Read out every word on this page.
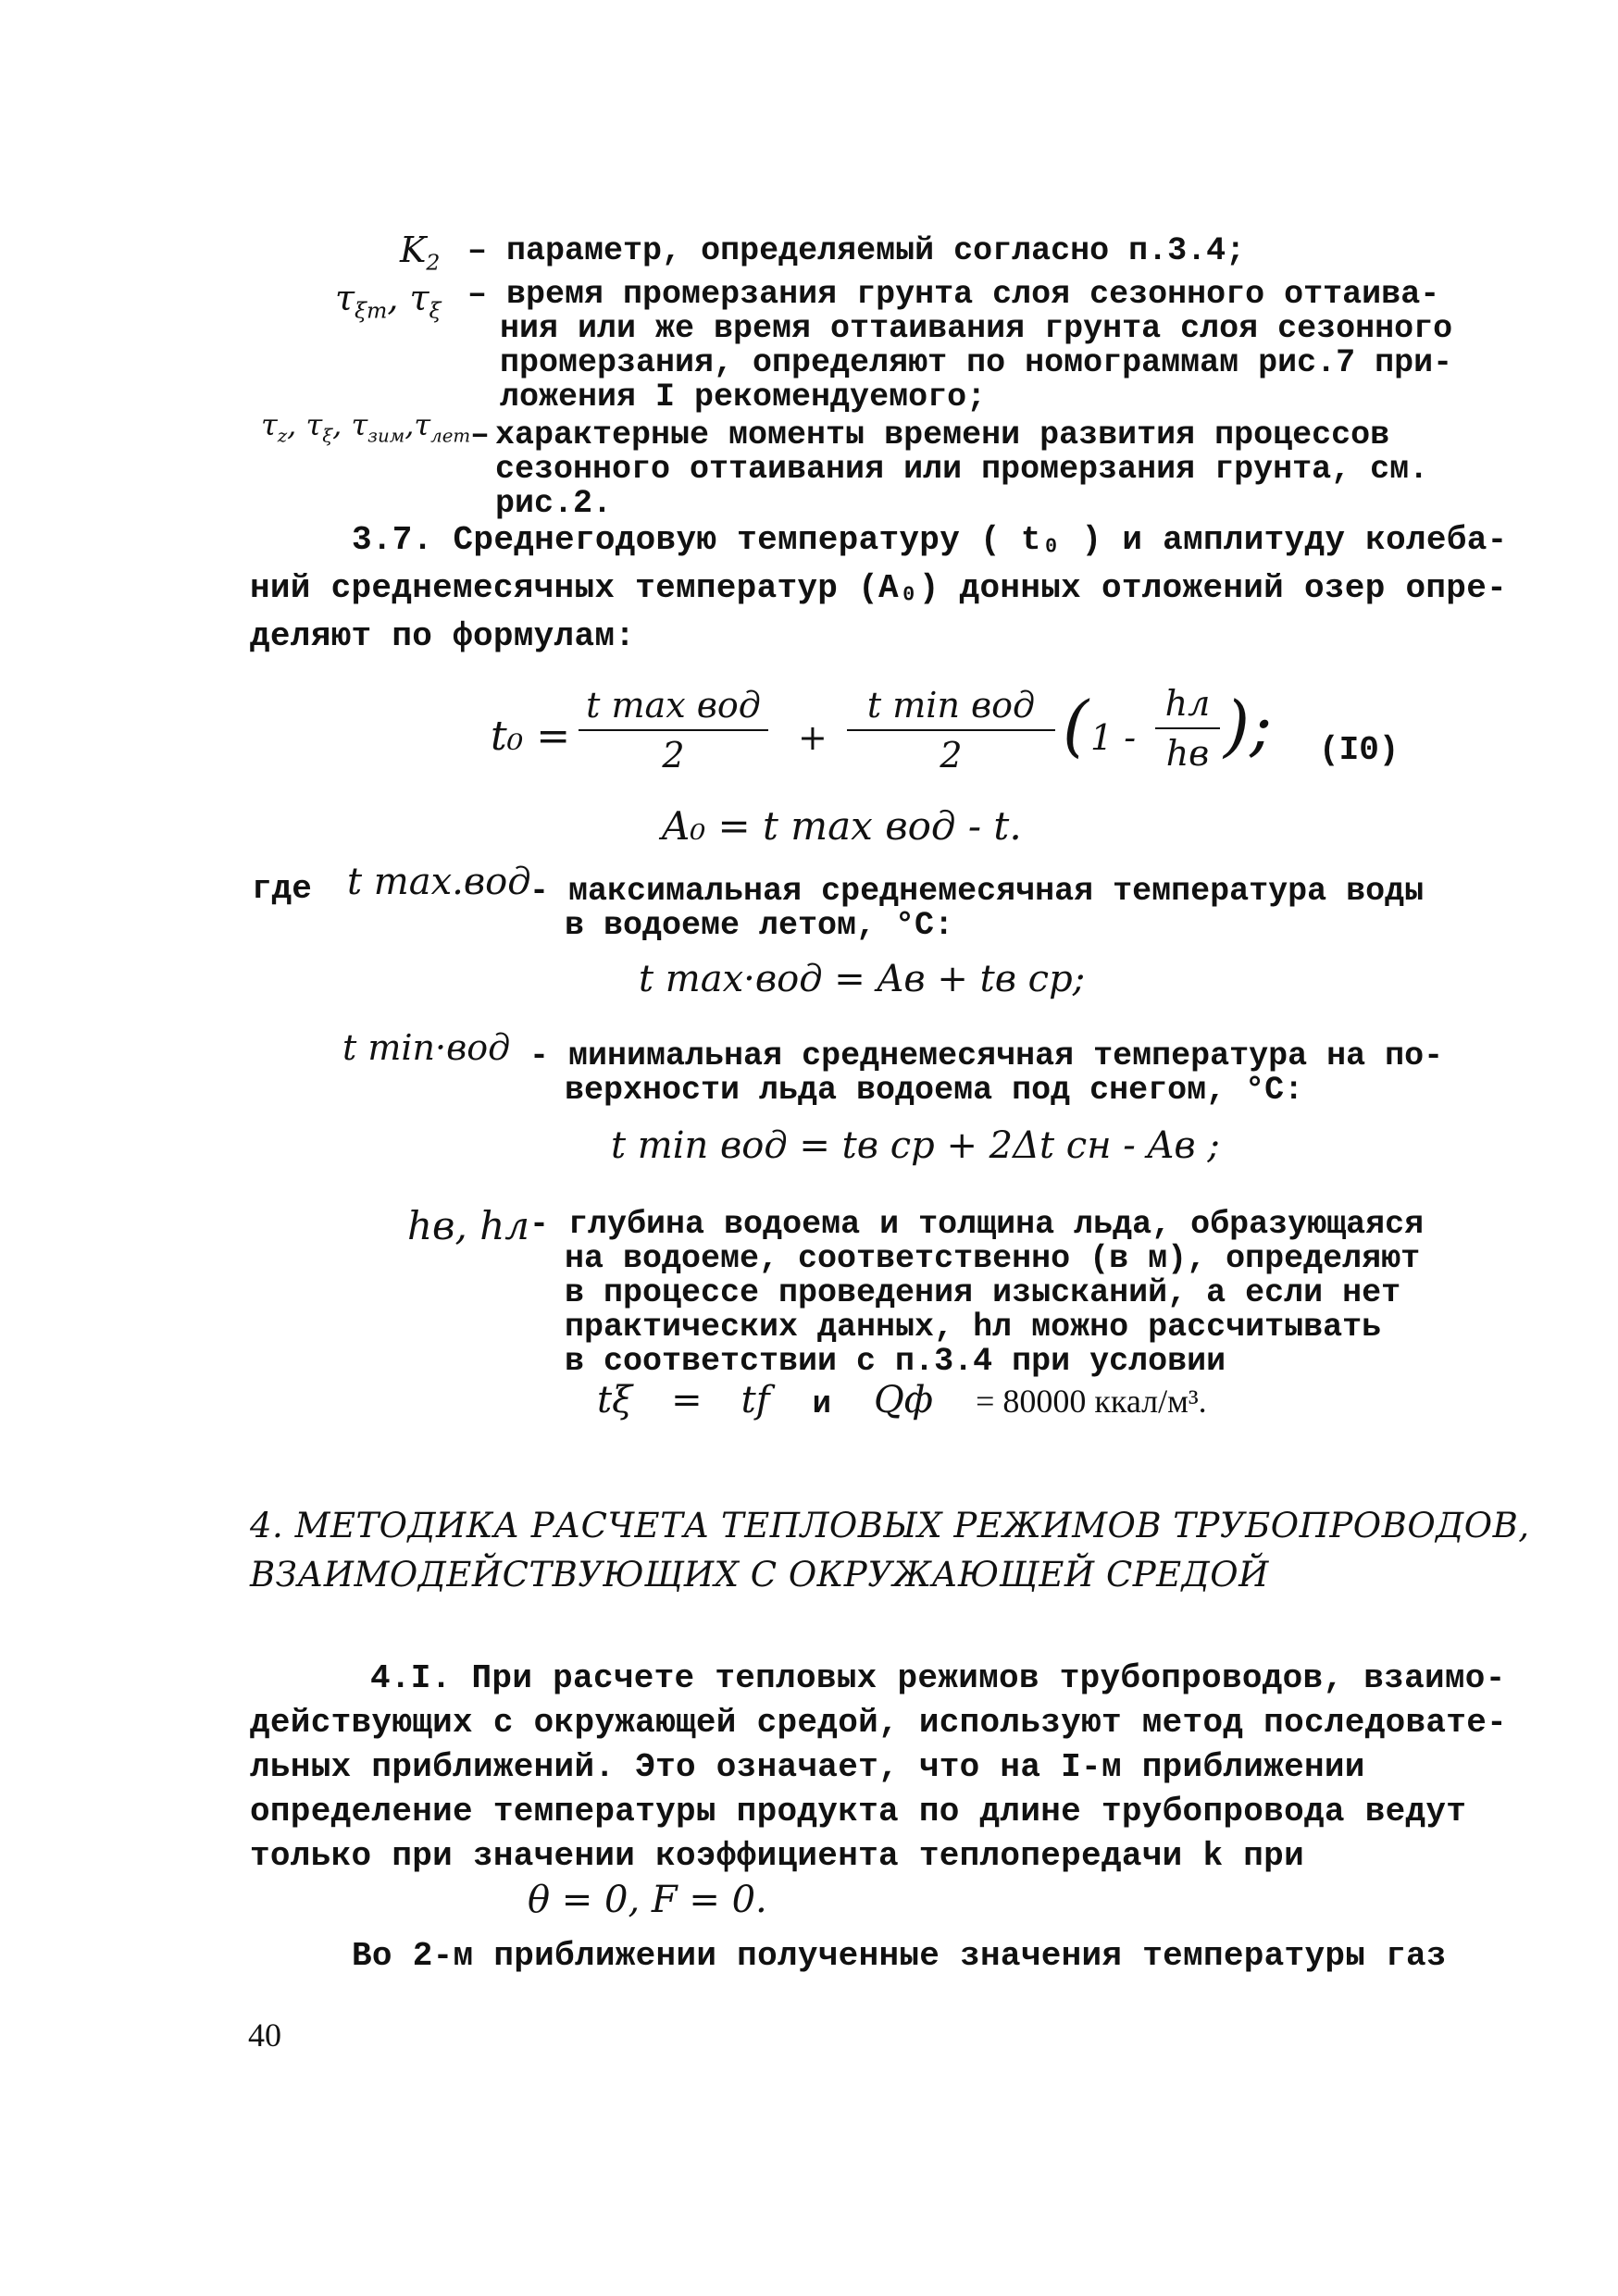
$K_2$ – параметр, определяемый согласно п.3.4;
$\tau_{\xi m}$, $\tau_\xi$ – время промерзания грунта слоя сезонного оттаива-
ния или же время оттаивания грунта слоя сезонного
промерзания, определяют по номограммам рис.7 при-
ложения I рекомендуемого;
$\tau_z$, $\tau_\xi$, $\tau_{зим},\tau_{лет}$ характерные моменты времени развития процессов
сезонного оттаивания или промерзания грунта, см.
рис.2.
–
3.7. Среднегодовую температуру ( t₀ ) и амплитуду колеба-
ний среднемесячных температур (A₀) донных отложений озер опре-
деляют по формулам:
t₀ =
t max вод
2	+
t min вод
2	( 1 -
hл
hв ); (I0)
A₀ = t max вод - t.
где t max.вод
- максимальная среднемесячная температура воды
в водоеме летом, °C:
t max·вод = Aв + tв ср;
t min·вод - минимальная среднемесячная температура на по-
верхности льда водоема под снегом, °C:
t min вод = tв ср + 2Δt сн - Aв ;
hв, hл - глубина водоема и толщина льда, образующаяся
на водоеме, соответственно (в м), определяют
в процессе проведения изысканий, а если нет
практических данных, hл можно рассчитывать
в соответствии с п.3.4 при условии
tξ = tf и Qф = 80000 ккал/м³.
4. МЕТОДИКА РАСЧЕТА ТЕПЛОВЫХ РЕЖИМОВ ТРУБОПРОВОДОВ,
ВЗАИМОДЕЙСТВУЮЩИХ С ОКРУЖАЮЩЕЙ СРЕДОЙ
4.I. При расчете тепловых режимов трубопроводов, взаимо-
действующих с окружающей средой, используют метод последовате-
льных приближений. Это означает, что на I-м приближении
определение температуры продукта по длине трубопровода ведут
только при значении коэффициента теплопередачи k при
θ = 0, F = 0.
Во 2-м приближении полученные значения температуры газ
40
